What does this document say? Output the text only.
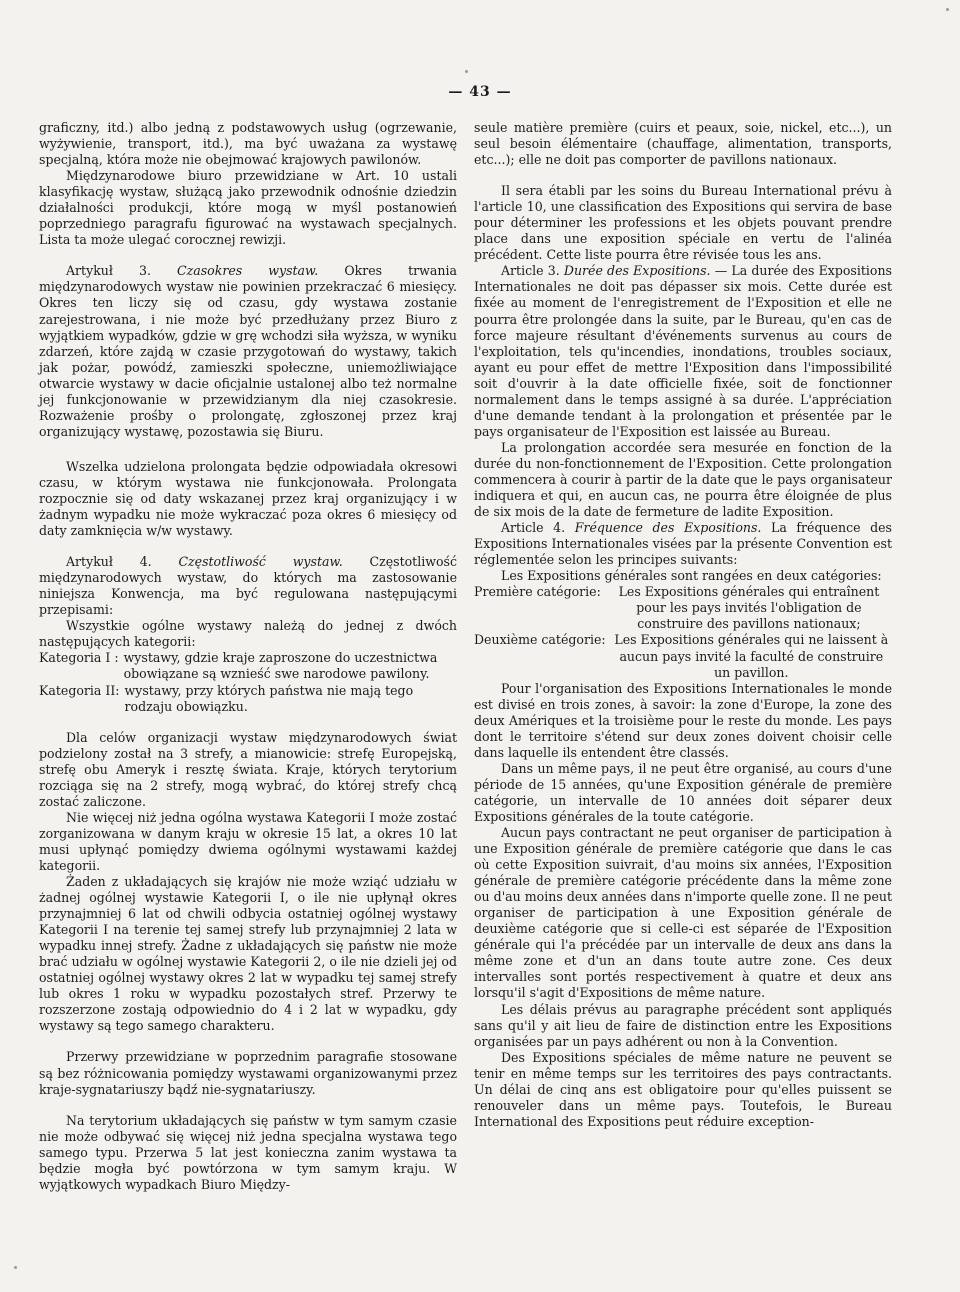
— 43 —

graficzny, itd.) albo jedną z podstawowych usług (ogrzewanie, wyżywienie, transport, itd.), ma być uważana za wystawę specjalną, która może nie obejmować krajowych pawilonów.

Międzynarodowe biuro przewidziane w Art. 10 ustali klasyfikację wystaw, służącą jako przewodnik odnośnie dziedzin działalności produkcji, które mogą w myśl postanowień poprzedniego paragrafu figurować na wystawach specjalnych. Lista ta może ulegać corocznej rewizji.

Artykuł 3. Czasokres wystaw. Okres trwania międzynarodowych wystaw nie powinien przekraczać 6 miesięcy. Okres ten liczy się od czasu, gdy wystawa zostanie zarejestrowana, i nie może być przedłużany przez Biuro z wyjątkiem wypadków, gdzie w grę wchodzi siła wyższa, w wyniku zdarzeń, które zajdą w czasie przygotowań do wystawy, takich jak pożar, powódź, zamieszki społeczne, uniemożliwiające otwarcie wystawy w dacie oficjalnie ustalonej albo też normalne jej funkcjonowanie w przewidzianym dla niej czasokresie. Rozważenie prośby o prolongatę, zgłoszonej przez kraj organizujący wystawę, pozostawia się Biuru.

Wszelka udzielona prolongata będzie odpowiadała okresowi czasu, w którym wystawa nie funkcjonowała. Prolongata rozpocznie się od daty wskazanej przez kraj organizujący i w żadnym wypadku nie może wykraczać poza okres 6 miesięcy od daty zamknięcia w/w wystawy.

Artykuł 4. Częstotliwość wystaw. Częstotliwość międzynarodowych wystaw, do których ma zastosowanie niniejsza Konwencja, ma być regulowana następującymi przepisami:

Wszystkie ogólne wystawy należą do jednej z dwóch następujących kategorii:

Kategoria I : wystawy, gdzie kraje zaproszone do uczestnictwa obowiązane są wznieść swe narodowe pawilony.
Kategoria II: wystawy, przy których państwa nie mają tego rodzaju obowiązku.

Dla celów organizacji wystaw międzynarodowych świat podzielony został na 3 strefy, a mianowicie: strefę Europejską, strefę obu Ameryk i resztę świata. Kraje, których terytorium rozciąga się na 2 strefy, mogą wybrać, do której strefy chcą zostać zaliczone.

Nie więcej niż jedna ogólna wystawa Kategorii I może zostać zorganizowana w danym kraju w okresie 15 lat, a okres 10 lat musi upłynąć pomiędzy dwiema ogólnymi wystawami każdej kategorii.

Żaden z układających się krajów nie może wziąć udziału w żadnej ogólnej wystawie Kategorii I, o ile nie upłynął okres przynajmniej 6 lat od chwili odbycia ostatniej ogólnej wystawy Kategorii I na terenie tej samej strefy lub przynajmniej 2 lata w wypadku innej strefy. Żadne z układających się państw nie może brać udziału w ogólnej wystawie Kategorii 2, o ile nie dzieli jej od ostatniej ogólnej wystawy okres 2 lat w wypadku tej samej strefy lub okres 1 roku w wypadku pozostałych stref. Przerwy te rozszerzone zostają odpowiednio do 4 i 2 lat w wypadku, gdy wystawy są tego samego charakteru.

Przerwy przewidziane w poprzednim paragrafie stosowane są bez różnicowania pomiędzy wystawami organizowanymi przez kraje-sygnatariuszy bądź nie-sygnatariuszy.

Na terytorium układających się państw w tym samym czasie nie może odbywać się więcej niż jedna specjalna wystawa tego samego typu. Przerwa 5 lat jest konieczna zanim wystawa ta będzie mogła być powtórzona w tym samym kraju. W wyjątkowych wypadkach Biuro Między-

seule matière première (cuirs et peaux, soie, nickel, etc...), un seul besoin élémentaire (chauffage, alimentation, transports, etc...); elle ne doit pas comporter de pavillons nationaux.

Il sera établi par les soins du Bureau International prévu à l'article 10, une classification des Expositions qui servira de base pour déterminer les professions et les objets pouvant prendre place dans une exposition spéciale en vertu de l'alinéa précédent. Cette liste pourra être révisée tous les ans.

Article 3. Durée des Expositions. — La durée des Expositions Internationales ne doit pas dépasser six mois. Cette durée est fixée au moment de l'enregistrement de l'Exposition et elle ne pourra être prolongée dans la suite, par le Bureau, qu'en cas de force majeure résultant d'événements survenus au cours de l'exploitation, tels qu'incendies, inondations, troubles sociaux, ayant eu pour effet de mettre l'Exposition dans l'impossibilité soit d'ouvrir à la date officielle fixée, soit de fonctionner normalement dans le temps assigné à sa durée. L'appréciation d'une demande tendant à la prolongation et présentée par le pays organisateur de l'Exposition est laissée au Bureau.

La prolongation accordée sera mesurée en fonction de la durée du non-fonctionnement de l'Exposition. Cette prolongation commencera à courir à partir de la date que le pays organisateur indiquera et qui, en aucun cas, ne pourra être éloignée de plus de six mois de la date de fermeture de ladite Exposition.

Article 4. Fréquence des Expositions. La fréquence des Expositions Internationales visées par la présente Convention est réglementée selon les principes suivants:

Les Expositions générales sont rangées en deux catégories:

Première catégorie:	Les Expositions générales qui entraînent pour les pays invités l'obligation de construire des pavillons nationaux;
Deuxième catégorie: Les Expositions générales qui ne laissent à aucun pays invité la faculté de construire un pavillon.

Pour l'organisation des Expositions Internationales le monde est divisé en trois zones, à savoir: la zone d'Europe, la zone des deux Amériques et la troisième pour le reste du monde. Les pays dont le territoire s'étend sur deux zones doivent choisir celle dans laquelle ils entendent être classés.

Dans un même pays, il ne peut être organisé, au cours d'une période de 15 années, qu'une Exposition générale de première catégorie, un intervalle de 10 années doit séparer deux Expositions générales de la toute catégorie.

Aucun pays contractant ne peut organiser de participation à une Exposition générale de première catégorie que dans le cas où cette Exposition suivrait, d'au moins six années, l'Exposition générale de première catégorie précédente dans la même zone ou d'au moins deux années dans n'importe quelle zone. Il ne peut organiser de participation à une Exposition générale de deuxième catégorie que si celle-ci est séparée de l'Exposition générale qui l'a précédée par un intervalle de deux ans dans la même zone et d'un an dans toute autre zone. Ces deux intervalles sont portés respectivement à quatre et deux ans lorsqu'il s'agit d'Expositions de même nature.

Les délais prévus au paragraphe précédent sont appliqués sans qu'il y ait lieu de faire de distinction entre les Expositions organisées par un pays adhérent ou non à la Convention.

Des Expositions spéciales de même nature ne peuvent se tenir en même temps sur les territoires des pays contractants. Un délai de cinq ans est obligatoire pour qu'elles puissent se renouveler dans un même pays. Toutefois, le Bureau International des Expositions peut réduire exception-
